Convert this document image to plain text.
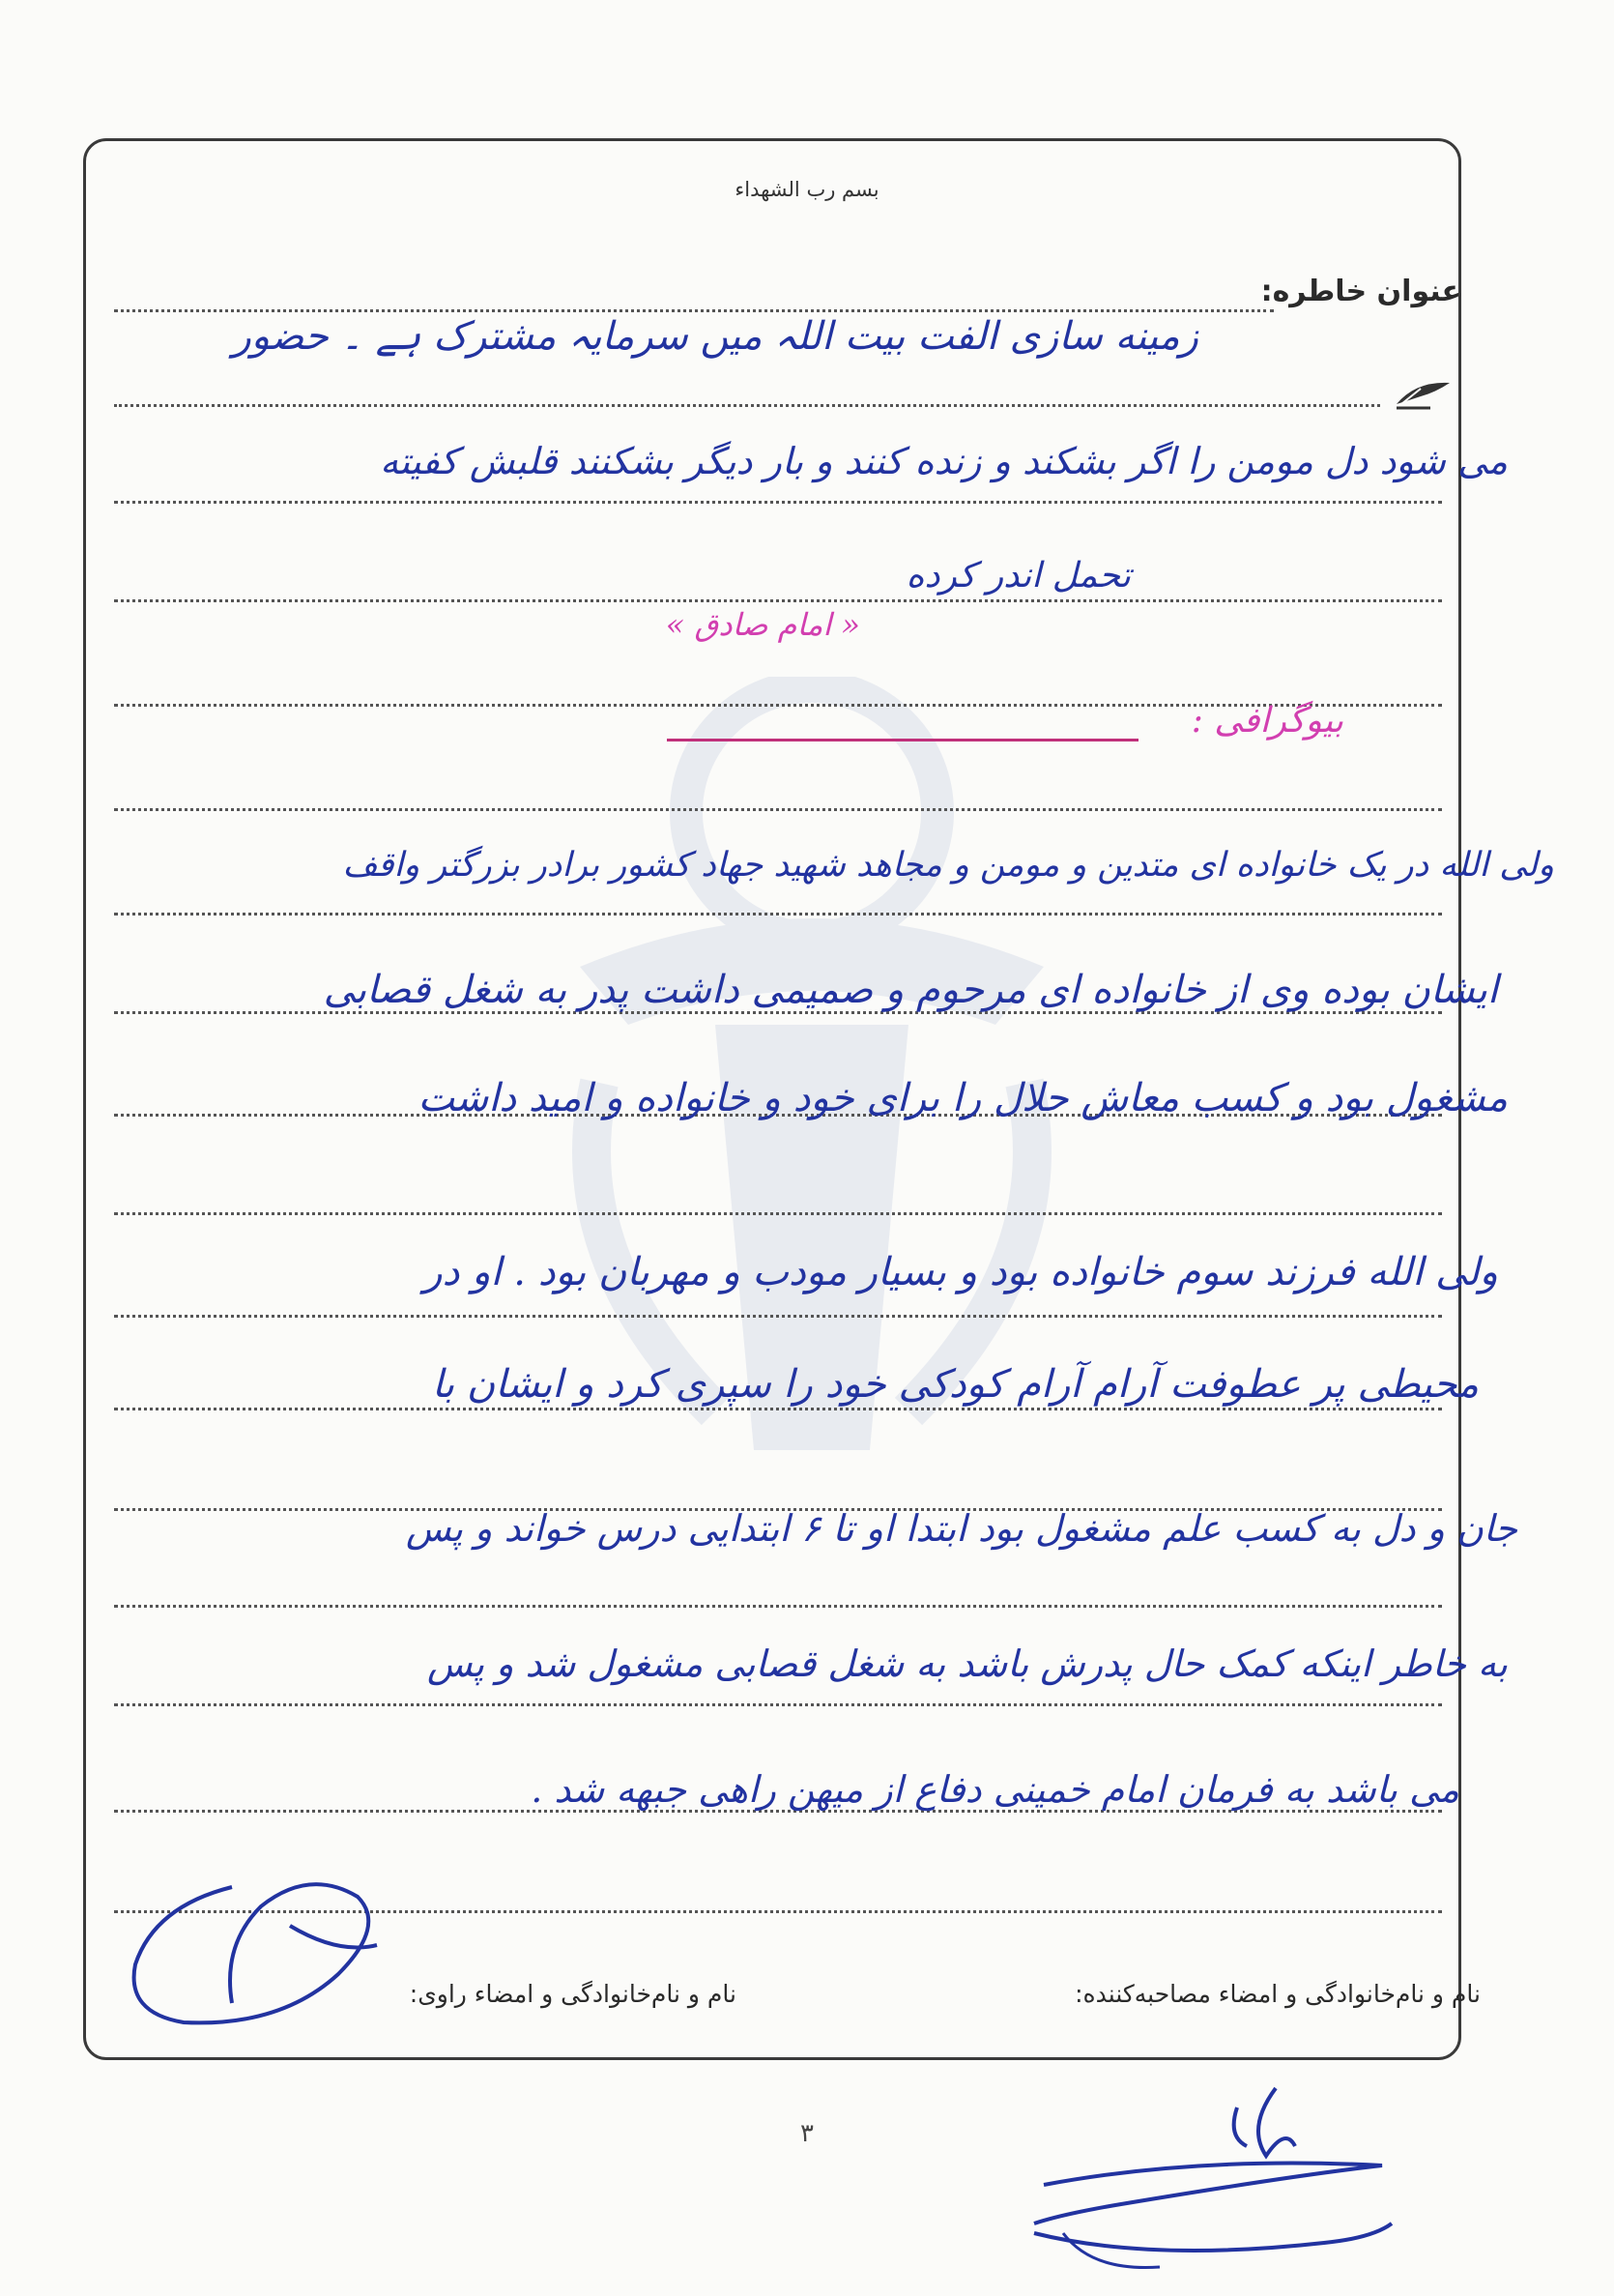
بسم رب الشهداء
عنوان خاطره:
زمینه سازی الفت بیت اللہ میں سرمایہ مشترک ہے ۔ حضور
می شود دل مومن را اگر بشکند و زنده کنند و بار دیگر بشکنند قلبش کفیته
تحمل اندر کرده
« امام صادق »
بیوگرافی :
ولی الله در یک خانواده ای متدین و مومن و مجاهد شهید جهاد کشور برادر بزرگتر واقف
ایشان بوده وی از خانواده ای مرحوم و صمیمی داشت پدر به شغل قصابی
مشغول بود و کسب معاش حلال را برای خود و خانواده و امید داشت
ولی الله فرزند سوم خانواده بود و بسیار مودب و مهربان بود . او در
محیطی پر عطوفت آرام آرام کودکی خود را سپری کرد و ایشان با
جان و دل به کسب علم مشغول بود ابتدا او تا ۶ ابتدایی درس خواند و پس
به خاطر اینکه کمک حال پدرش باشد به شغل قصابی مشغول شد و پس
می باشد به فرمان امام خمینی دفاع از میهن راهی جبهه شد .
نام و نام‌خانوادگی و امضاء مصاحبه‌کننده:
نام و نام‌خانوادگی و امضاء راوی:
۳
